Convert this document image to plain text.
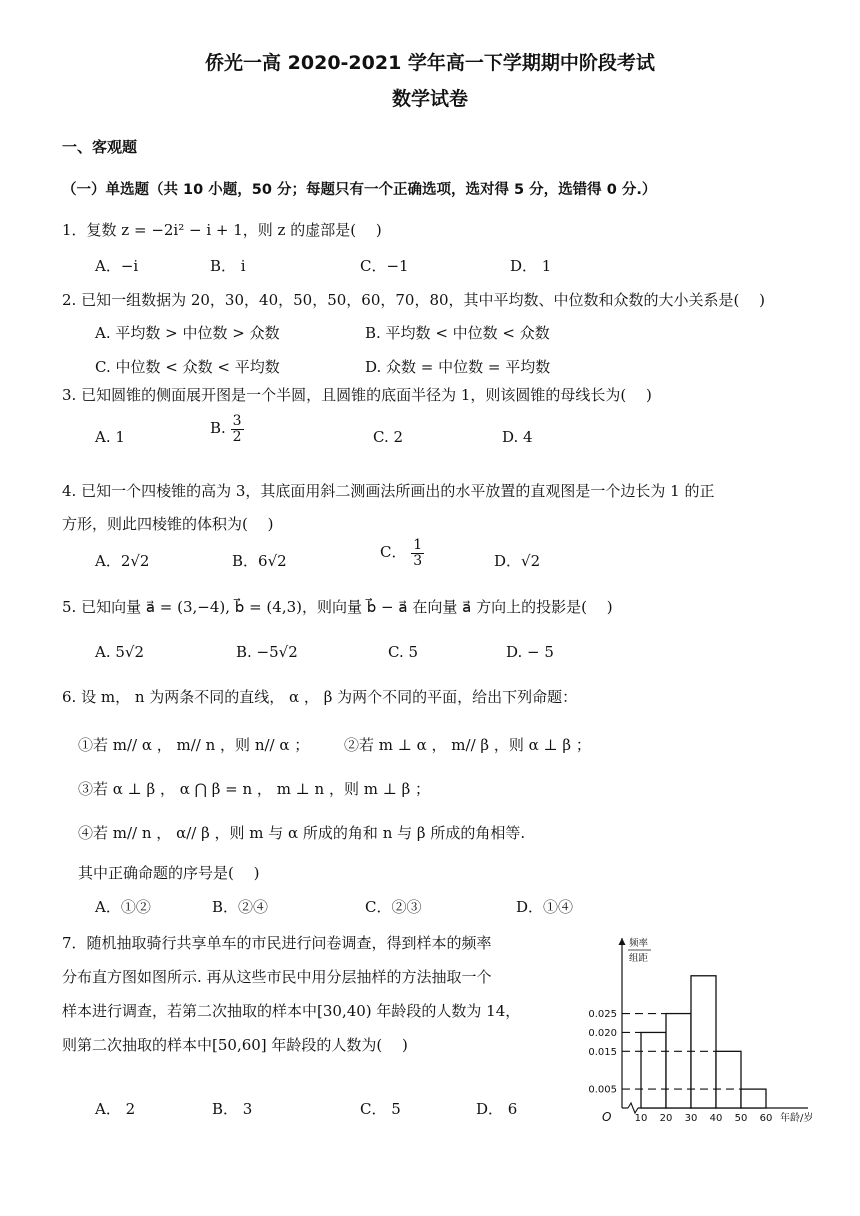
侨光一高 2020-2021 学年高一下学期期中阶段考试
数学试卷
一、客观题
（一）单选题（共 10 小题，50 分；每题只有一个正确选项，选对得 5 分，选错得 0 分.）
1．复数 z = −2i² − i + 1，则 z 的虚部是(　 )
A．−i	B． i	C．−1	D． 1
2. 已知一组数据为 20，30，40，50，50，60，70，80，其中平均数、中位数和众数的大小关系是(　 )
A. 平均数 > 中位数 > 众数	B. 平均数 < 中位数 < 众数
C. 中位数 < 众数 < 平均数	D. 众数 = 中位数 = 平均数
3. 已知圆锥的侧面展开图是一个半圆，且圆锥的底面半径为 1，则该圆锥的母线长为(　 )
A. 1	B. $\frac{3}{2}$	C. 2	D. 4
4. 已知一个四棱锥的高为 3，其底面用斜二测画法所画出的水平放置的直观图是一个边长为 1 的正
方形，则此四棱锥的体积为(　 )
A．2√2	B．6√2	C． $\frac{1}{3}$	D．√2
5. 已知向量 a⃗ = (3,−4), b⃗ = (4,3)，则向量 b⃗ − a⃗ 在向量 a⃗ 方向上的投影是(　 )
A. 5√2	B. −5√2	C. 5	D. − 5
6. 设 m， n 为两条不同的直线， α ， β 为两个不同的平面，给出下列命题：
①若 m// α ， m// n ，则 n// α ； ②若 m ⊥ α ， m// β ，则 α ⊥ β ；
③若 α ⊥ β ， α ⋂ β = n ， m ⊥ n ，则 m ⊥ β ；
④若 m// n ， α// β ，则 m 与 α 所成的角和 n 与 β 所成的角相等.
其中正确命题的序号是(　 )
A．①②	B．②④	C．②③	D．①④
7．随机抽取骑行共享单车的市民进行问卷调查，得到样本的频率
分布直方图如图所示. 再从这些市民中用分层抽样的方法抽取一个
样本进行调查，若第二次抽取的样本中[30,40) 年龄段的人数为 14，
则第二次抽取的样本中[50,60] 年龄段的人数为(　 )
A． 2	B． 3	C． 5	D． 6
0.005
0.015
0.020
0.025
10 20 30 40 50 60
O	年龄/岁
频率
组距
